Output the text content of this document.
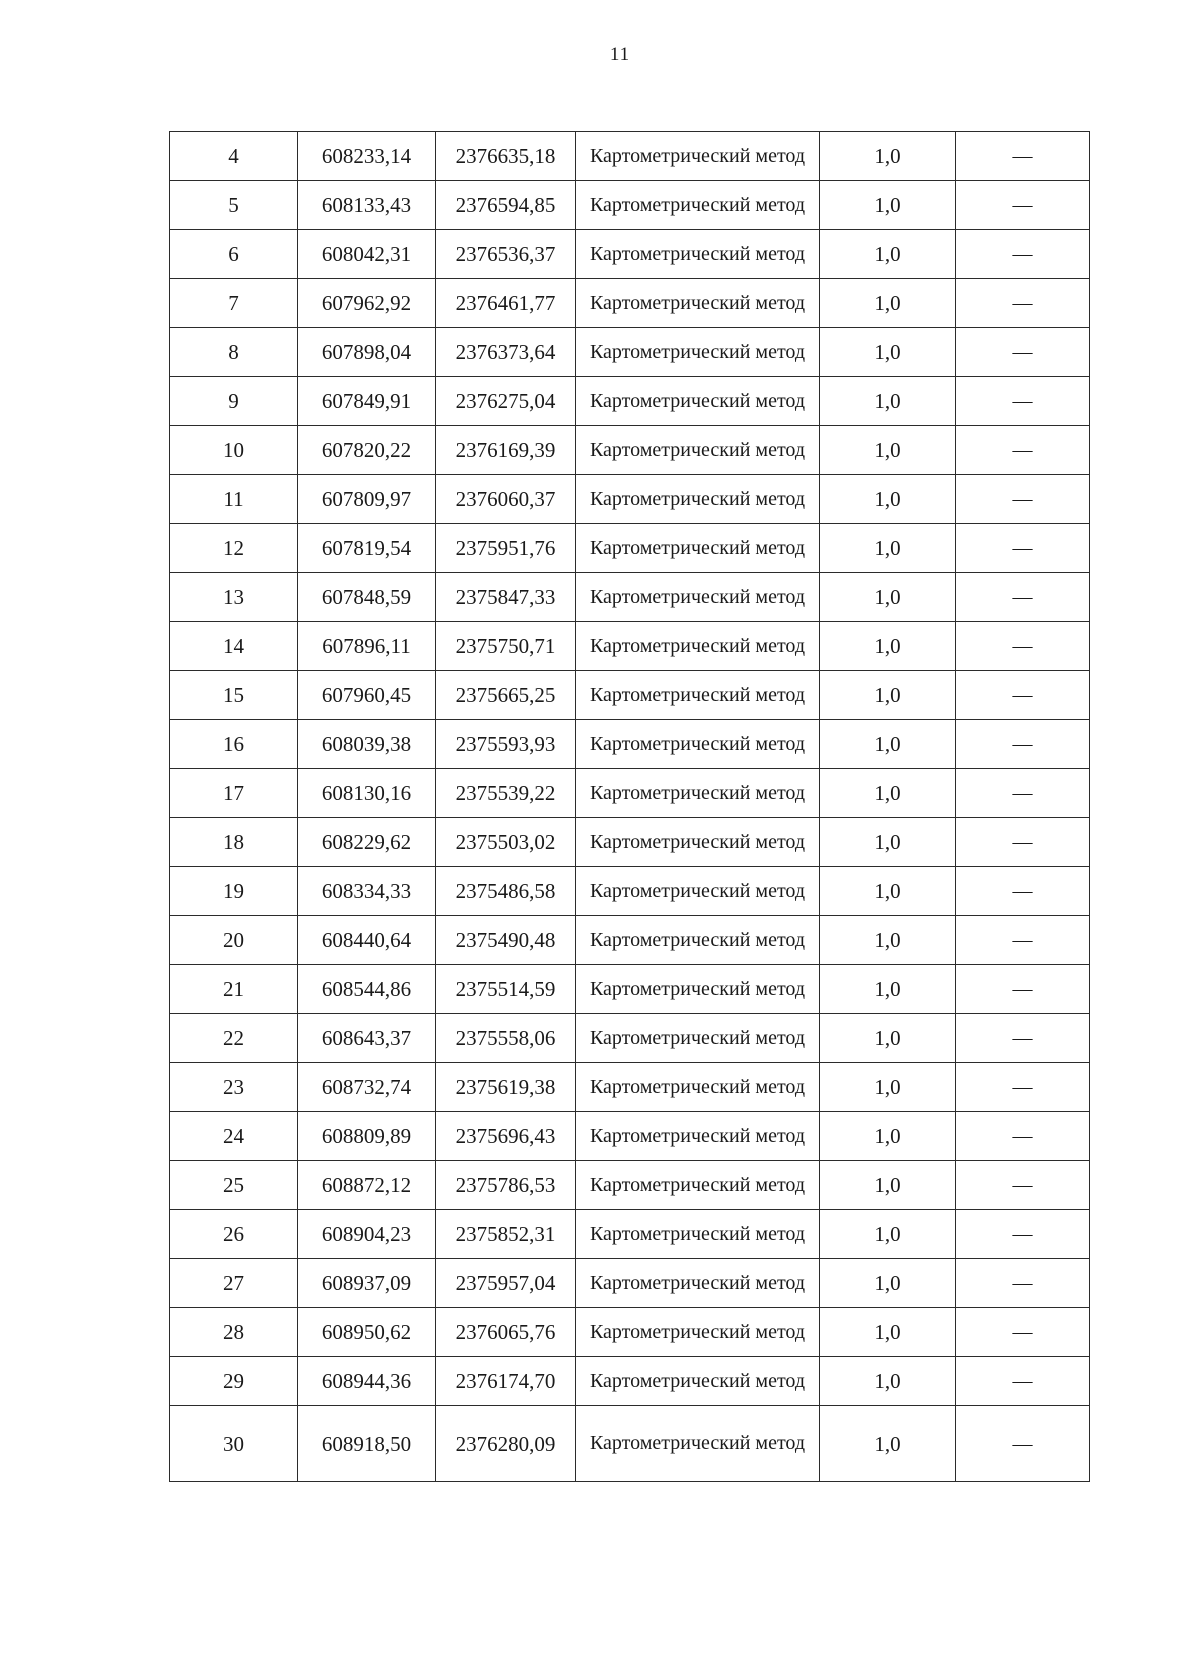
11
4	608233,14	2376635,18	Картометрический метод	1,0	—
5	608133,43	2376594,85	Картометрический метод	1,0	—
6	608042,31	2376536,37	Картометрический метод	1,0	—
7	607962,92	2376461,77	Картометрический метод	1,0	—
8	607898,04	2376373,64	Картометрический метод	1,0	—
9	607849,91	2376275,04	Картометрический метод	1,0	—
10	607820,22	2376169,39	Картометрический метод	1,0	—
11	607809,97	2376060,37	Картометрический метод	1,0	—
12	607819,54	2375951,76	Картометрический метод	1,0	—
13	607848,59	2375847,33	Картометрический метод	1,0	—
14	607896,11	2375750,71	Картометрический метод	1,0	—
15	607960,45	2375665,25	Картометрический метод	1,0	—
16	608039,38	2375593,93	Картометрический метод	1,0	—
17	608130,16	2375539,22	Картометрический метод	1,0	—
18	608229,62	2375503,02	Картометрический метод	1,0	—
19	608334,33	2375486,58	Картометрический метод	1,0	—
20	608440,64	2375490,48	Картометрический метод	1,0	—
21	608544,86	2375514,59	Картометрический метод	1,0	—
22	608643,37	2375558,06	Картометрический метод	1,0	—
23	608732,74	2375619,38	Картометрический метод	1,0	—
24	608809,89	2375696,43	Картометрический метод	1,0	—
25	608872,12	2375786,53	Картометрический метод	1,0	—
26	608904,23	2375852,31	Картометрический метод	1,0	—
27	608937,09	2375957,04	Картометрический метод	1,0	—
28	608950,62	2376065,76	Картометрический метод	1,0	—
29	608944,36	2376174,70	Картометрический метод	1,0	—
30	608918,50	2376280,09	Картометрический метод	1,0	—
